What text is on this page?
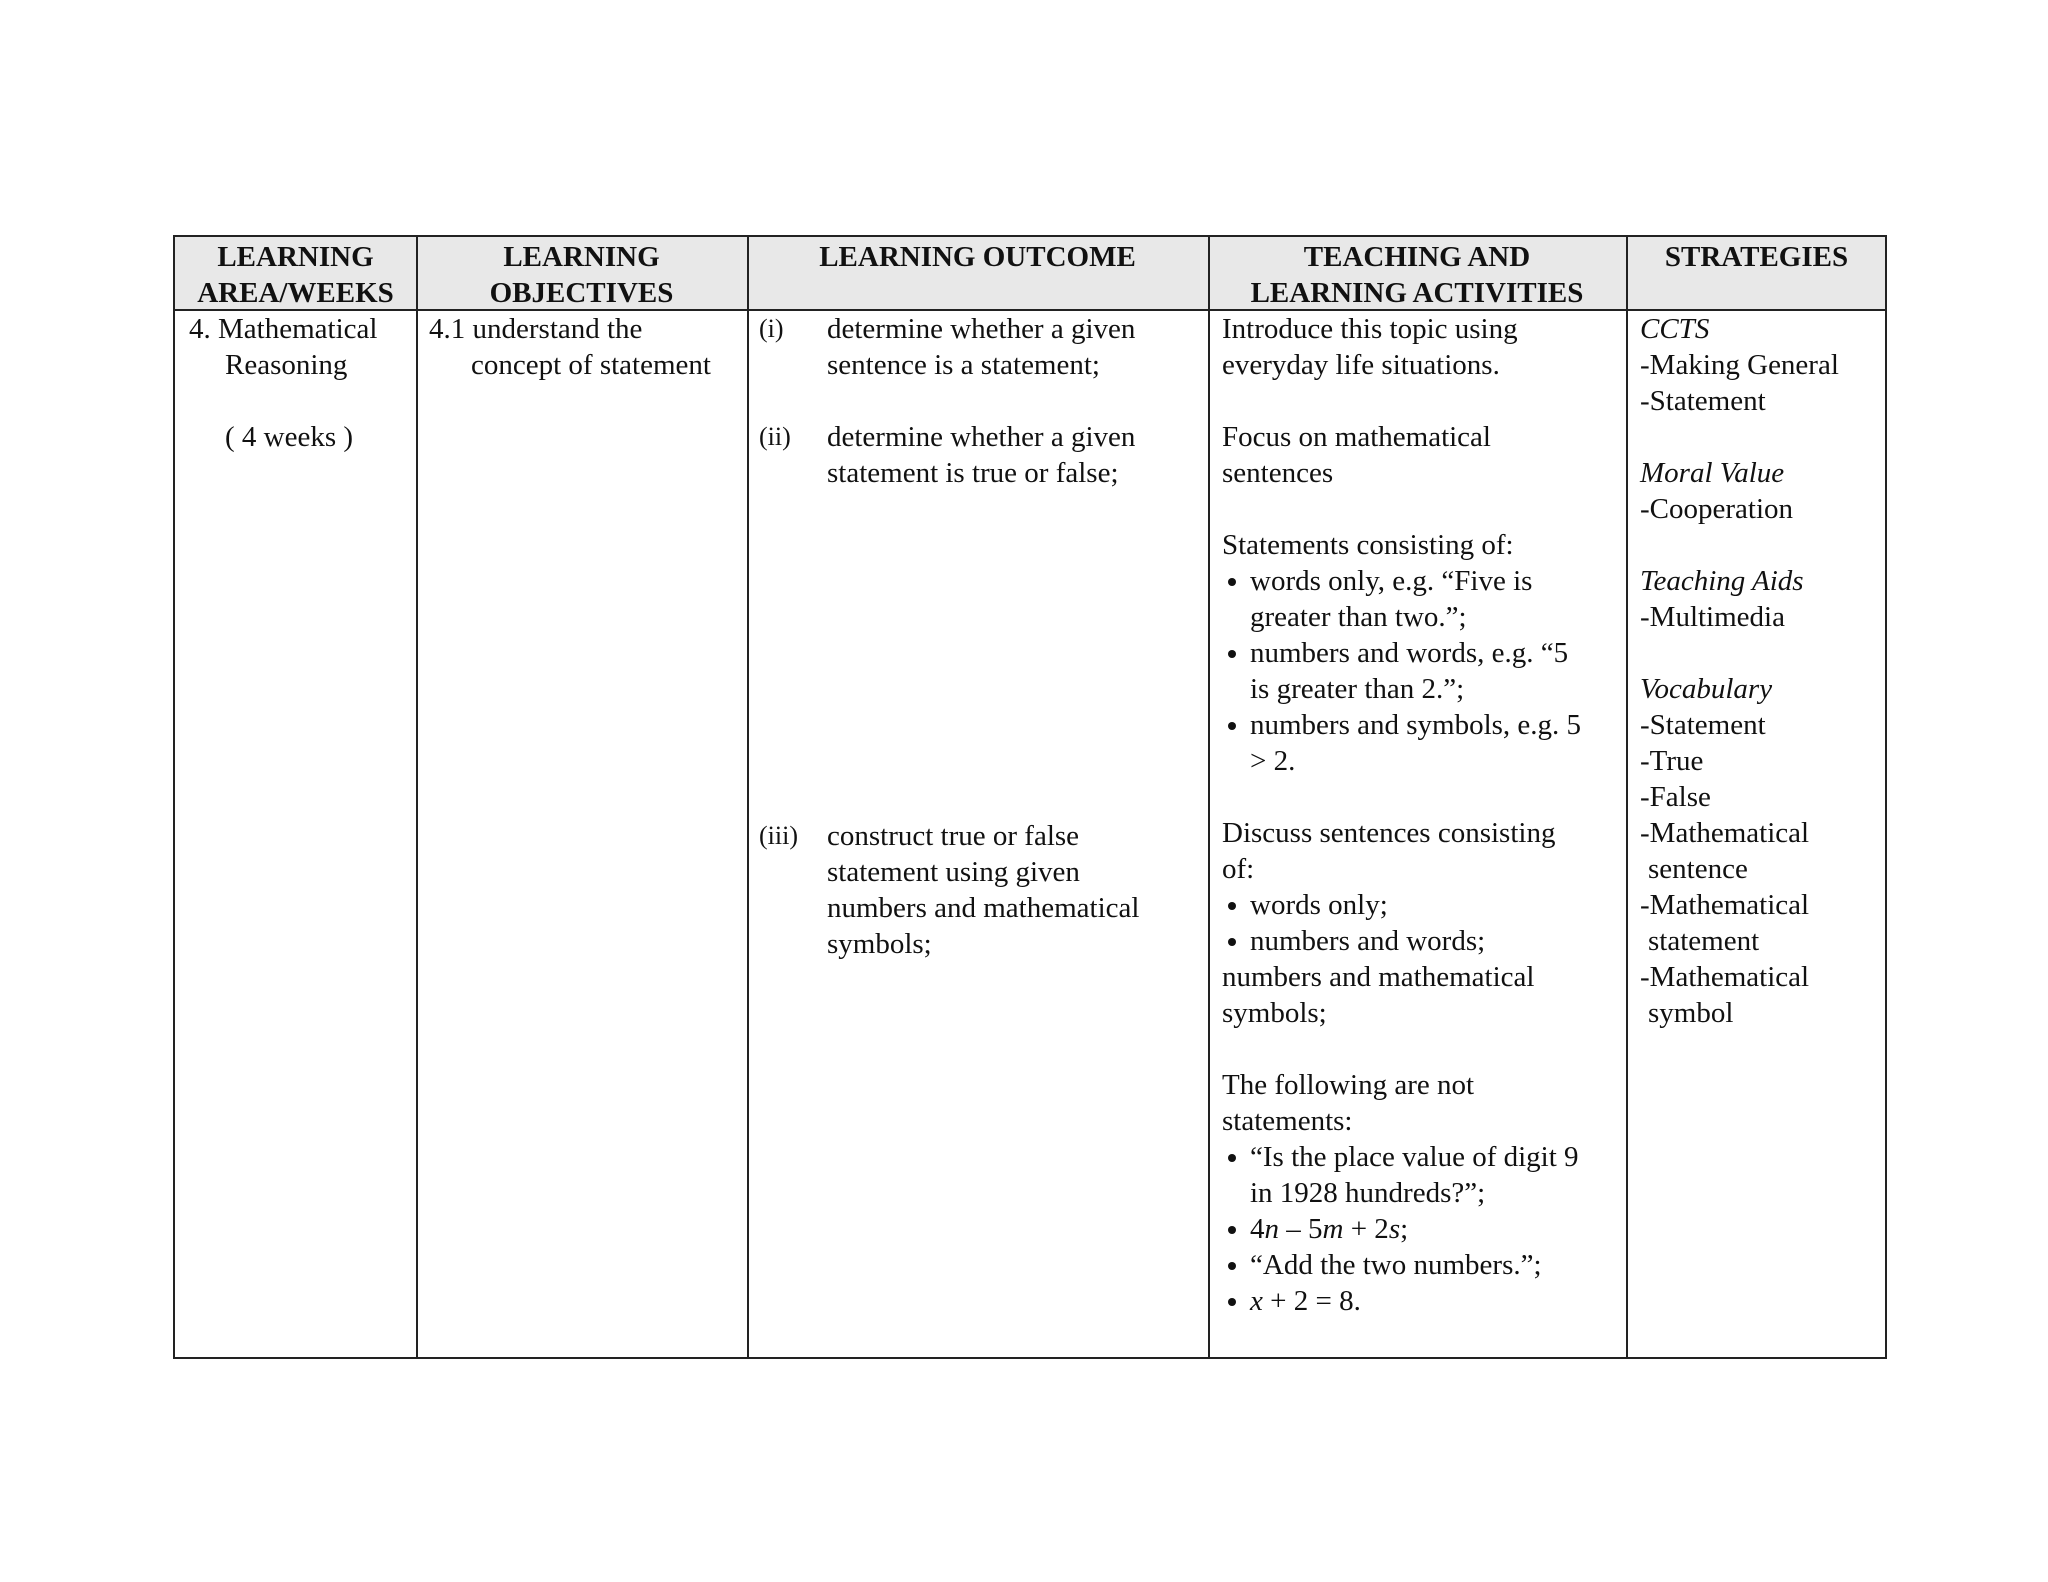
LEARNING
AREA/WEEKS
LEARNING
OBJECTIVES
LEARNING OUTCOME	TEACHING AND
LEARNING ACTIVITIES
STRATEGIES
4. Mathematical
Reasoning
( 4 weeks )
4.1 understand the
concept of statement
(i) determine whether a given
sentence is a statement;
(ii) determine whether a given
statement is true or false;
(iii) construct true or false
statement using given
numbers and mathematical
symbols;
Introduce this topic using
everyday life situations.
Focus on mathematical
sentences
Statements consisting of:
words only, e.g. “Five is
greater than two.”;
numbers and words, e.g. “5
is greater than 2.”;
numbers and symbols, e.g. 5
> 2.
Discuss sentences consisting
of:
words only;
numbers and words;
numbers and mathematical
symbols;
The following are not
statements:
“Is the place value of digit 9
in 1928 hundreds?”;
4n – 5m + 2s;
“Add the two numbers.”;
x + 2 = 8.
CCTS
-Making General
-Statement
Moral Value
-Cooperation
Teaching Aids
-Multimedia
Vocabulary
-Statement
-True
-False
-Mathematical
sentence
-Mathematical
statement
-Mathematical
symbol
